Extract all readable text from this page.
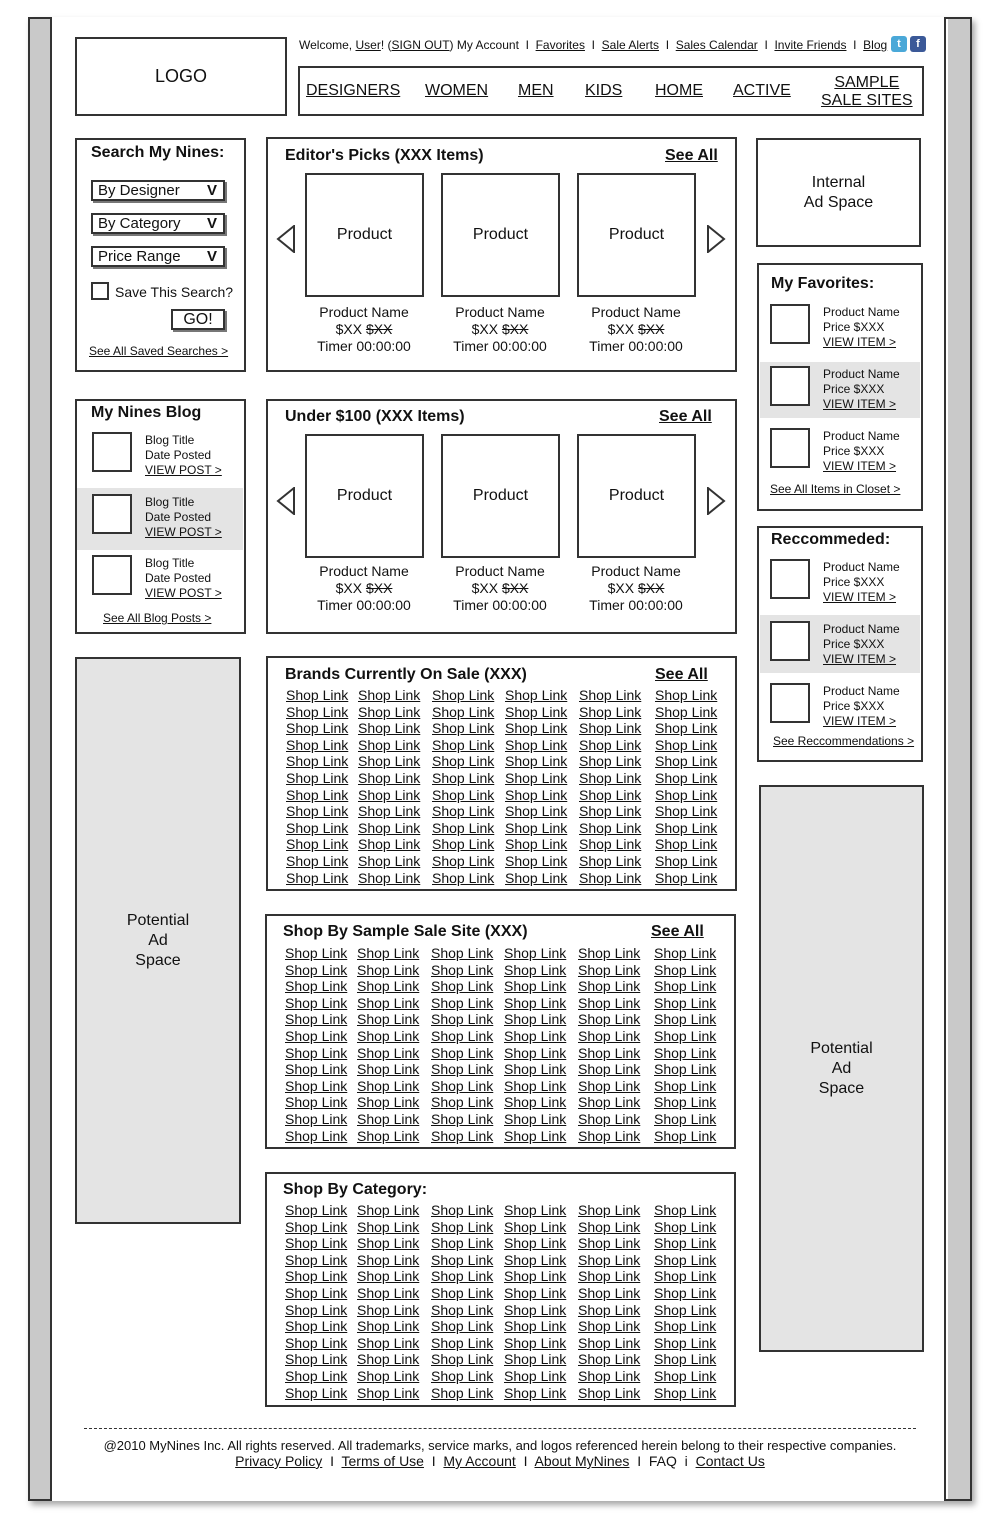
LOGO
Welcome, User! (SIGN OUT) My Account I Favorites I Sale Alerts I Sales Calendar I Invite Friends I Blog t f
DESIGNERS WOMEN MEN KIDS HOME ACTIVE	SAMPLE
SALE SITES
Search My Nines:
By Designer V
By Category V
Price Range V
Save This Search?
GO!
See All Saved Searches >
My Nines Blog
Blog Title
Date Posted
VIEW POST >
Blog Title
Date Posted
VIEW POST >
Blog Title
Date Posted
VIEW POST >
See All Blog Posts >
Potential
Ad
Space
Editor's Picks (XXX Items)	See All
Product
Product Name
$XX $XX
Timer 00:00:00
Product
Product Name
$XX $XX
Timer 00:00:00
Product
Product Name
$XX $XX
Timer 00:00:00
Under $100 (XXX Items)	See All
Product
Product Name
$XX $XX
Timer 00:00:00
Product
Product Name
$XX $XX
Timer 00:00:00
Product
Product Name
$XX $XX
Timer 00:00:00
Brands Currently On Sale (XXX)	See All
Shop Link Shop Link Shop Link Shop Link Shop Link Shop Link
Shop Link Shop Link Shop Link Shop Link Shop Link Shop Link
Shop Link Shop Link Shop Link Shop Link Shop Link Shop Link
Shop Link Shop Link Shop Link Shop Link Shop Link Shop Link
Shop Link Shop Link Shop Link Shop Link Shop Link Shop Link
Shop Link Shop Link Shop Link Shop Link Shop Link Shop Link
Shop Link Shop Link Shop Link Shop Link Shop Link Shop Link
Shop Link Shop Link Shop Link Shop Link Shop Link Shop Link
Shop Link Shop Link Shop Link Shop Link Shop Link Shop Link
Shop Link Shop Link Shop Link Shop Link Shop Link Shop Link
Shop Link Shop Link Shop Link Shop Link Shop Link Shop Link
Shop Link Shop Link Shop Link Shop Link Shop Link Shop Link
Shop By Sample Sale Site (XXX)	See All
Shop Link Shop Link Shop Link Shop Link Shop Link Shop Link
Shop Link Shop Link Shop Link Shop Link Shop Link Shop Link
Shop Link Shop Link Shop Link Shop Link Shop Link Shop Link
Shop Link Shop Link Shop Link Shop Link Shop Link Shop Link
Shop Link Shop Link Shop Link Shop Link Shop Link Shop Link
Shop Link Shop Link Shop Link Shop Link Shop Link Shop Link
Shop Link Shop Link Shop Link Shop Link Shop Link Shop Link
Shop Link Shop Link Shop Link Shop Link Shop Link Shop Link
Shop Link Shop Link Shop Link Shop Link Shop Link Shop Link
Shop Link Shop Link Shop Link Shop Link Shop Link Shop Link
Shop Link Shop Link Shop Link Shop Link Shop Link Shop Link
Shop Link Shop Link Shop Link Shop Link Shop Link Shop Link
Shop By Category:
Shop Link Shop Link Shop Link Shop Link Shop Link Shop Link
Shop Link Shop Link Shop Link Shop Link Shop Link Shop Link
Shop Link Shop Link Shop Link Shop Link Shop Link Shop Link
Shop Link Shop Link Shop Link Shop Link Shop Link Shop Link
Shop Link Shop Link Shop Link Shop Link Shop Link Shop Link
Shop Link Shop Link Shop Link Shop Link Shop Link Shop Link
Shop Link Shop Link Shop Link Shop Link Shop Link Shop Link
Shop Link Shop Link Shop Link Shop Link Shop Link Shop Link
Shop Link Shop Link Shop Link Shop Link Shop Link Shop Link
Shop Link Shop Link Shop Link Shop Link Shop Link Shop Link
Shop Link Shop Link Shop Link Shop Link Shop Link Shop Link
Shop Link Shop Link Shop Link Shop Link Shop Link Shop Link
Internal
Ad Space
My Favorites:
Product Name
Price $XXX
VIEW ITEM >
Product Name
Price $XXX
VIEW ITEM >
Product Name
Price $XXX
VIEW ITEM >
See All Items in Closet >
Reccommeded:
Product Name
Price $XXX
VIEW ITEM >
Product Name
Price $XXX
VIEW ITEM >
Product Name
Price $XXX
VIEW ITEM >
See Reccommendations >
Potential
Ad
Space
@2010 MyNines Inc. All rights reserved. All trademarks, service marks, and logos referenced herein belong to their respective companies.
Privacy Policy I Terms of Use I My Account I About MyNines I FAQ i Contact Us
